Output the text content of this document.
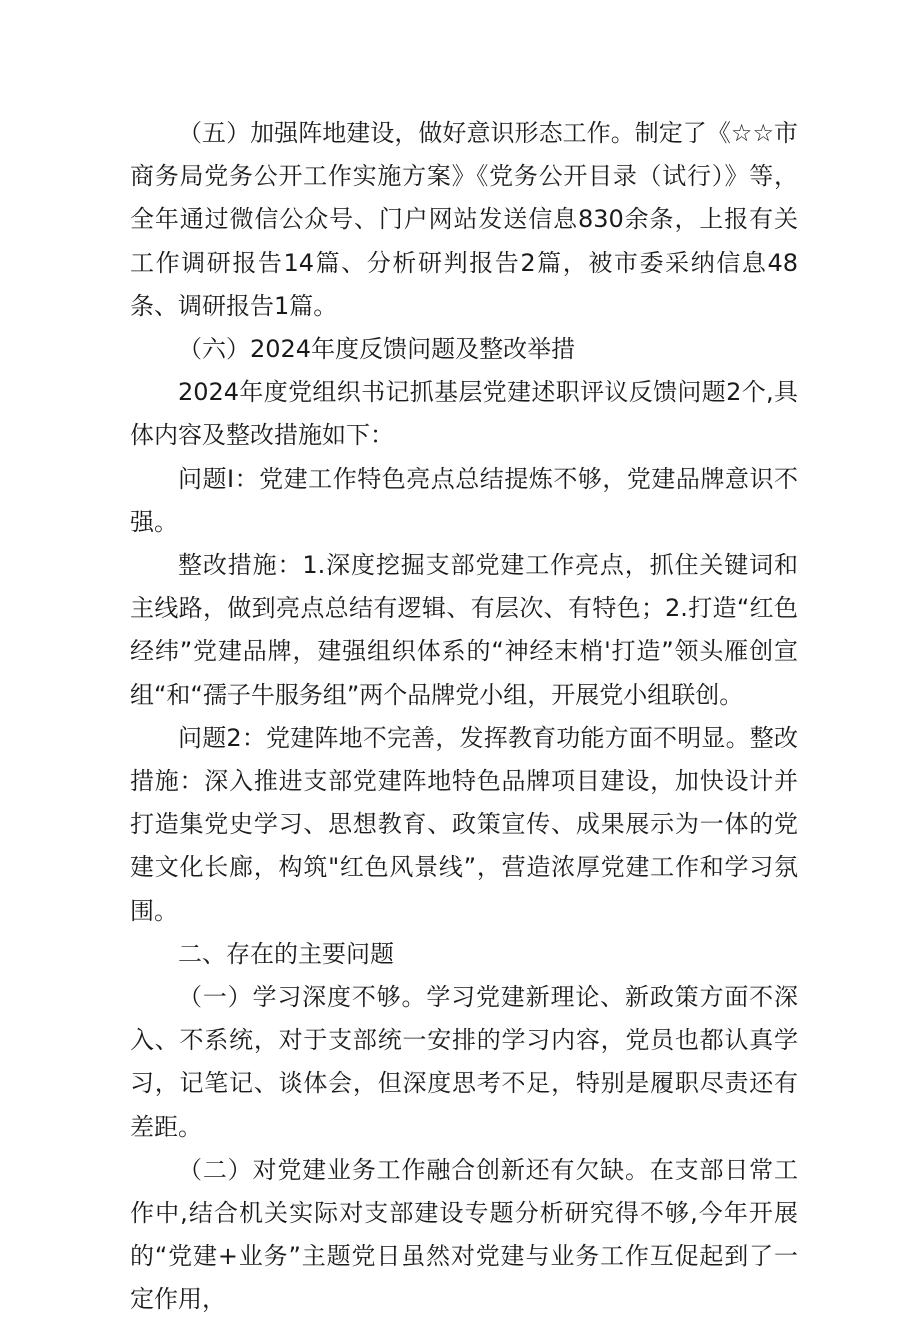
（五）加强阵地建设，做好意识形态工作。制定了《☆☆市商务局党务公开工作实施方案》《党务公开目录（试行）》等，全年通过微信公众号、门户网站发送信息830余条，上报有关工作调研报告14篇、分析研判报告2篇，被市委采纳信息48条、调研报告1篇。

（六）2024年度反馈问题及整改举措

2024年度党组织书记抓基层党建述职评议反馈问题2个,具体内容及整改措施如下：

问题I：党建工作特色亮点总结提炼不够，党建品牌意识不强。

整改措施：1.深度挖掘支部党建工作亮点，抓住关键词和主线路，做到亮点总结有逻辑、有层次、有特色；2.打造“红色经纬”党建品牌，建强组织体系的“神经末梢'打造”领头雁创宣组“和“孺子牛服务组”两个品牌党小组，开展党小组联创。

问题2：党建阵地不完善，发挥教育功能方面不明显。整改措施：深入推进支部党建阵地特色品牌项目建设，加快设计并打造集党史学习、思想教育、政策宣传、成果展示为一体的党建文化长廊，构筑"红色风景线”，营造浓厚党建工作和学习氛围。

二、存在的主要问题

（一）学习深度不够。学习党建新理论、新政策方面不深入、不系统，对于支部统一安排的学习内容，党员也都认真学习，记笔记、谈体会，但深度思考不足，特别是履职尽责还有差距。

（二）对党建业务工作融合创新还有欠缺。在支部日常工作中,结合机关实际对支部建设专题分析研究得不够,今年开展的“党建+业务”主题党日虽然对党建与业务工作互促起到了一定作用，
